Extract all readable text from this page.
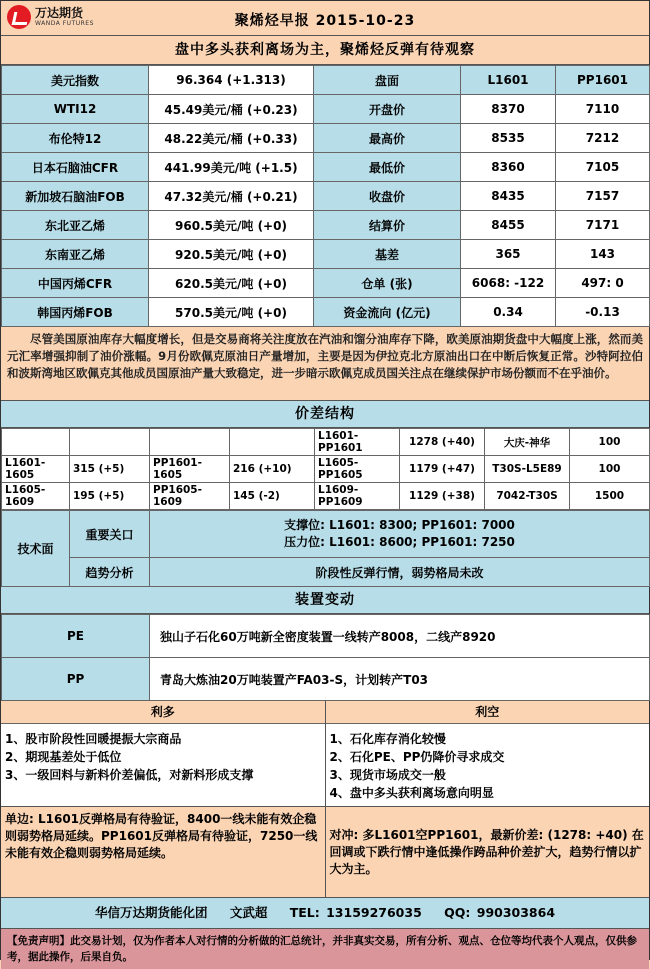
万达期货
WANDA FUTURES	聚烯烃早报 2015-10-23
盘中多头获利离场为主，聚烯烃反弹有待观察
美元指数	96.364 (+1.313)	盘面	L1601	PP1601
WTI12	45.49美元/桶 (+0.23)	开盘价	8370	7110
布伦特12	48.22美元/桶 (+0.33)	最高价	8535	7212
日本石脑油CFR	441.99美元/吨 (+1.5)	最低价	8360	7105
新加坡石脑油FOB	47.32美元/桶 (+0.21)	收盘价	8435	7157
东北亚乙烯	960.5美元/吨 (+0)	结算价	8455	7171
东南亚乙烯	920.5美元/吨 (+0)	基差	365	143
中国丙烯CFR	620.5美元/吨 (+0)	仓单 (张)	6068: -122	497: 0
韩国丙烯FOB	570.5美元/吨 (+0)	资金流向 (亿元)	0.34	-0.13
尽管美国原油库存大幅度增长，但是交易商将关注度放在汽油和馏分油库存下降，欧美原油期货盘中大幅度上涨，然而美元汇率增强抑制了油价涨幅。9月份欧佩克原油日产量增加，主要是因为伊拉克北方原油出口在中断后恢复正常。沙特阿拉伯和波斯湾地区欧佩克其他成员国原油产量大致稳定，进一步暗示欧佩克成员国关注点在继续保护市场份额而不在乎油价。
价差结构
				L1601-PP1601	1278 (+40)	大庆-神华	100
L1601-1605	315 (+5)	PP1601-1605	216 (+10)	L1605-PP1605	1179 (+47)	T30S-L5E89	100
L1605-1609	195 (+5)	PP1605-1609	145 (-2)	L1609-PP1609	1129 (+38)	7042-T30S	1500
技术面	重要关口	支撑位: L1601: 8300; PP1601: 7000
压力位: L1601: 8600; PP1601: 7250

	趋势分析	阶段性反弹行情，弱势格局未改
装置变动
PE	独山子石化60万吨新全密度装置一线转产8008，二线产8920
PP	青岛大炼油20万吨装置产FA03-S，计划转产T03
利多
1、股市阶段性回暖提振大宗商品
2、期现基差处于低位
3、一级回料与新料价差偏低，对新料形成支撑
利空
1、石化库存消化较慢
2、石化PE、PP仍降价寻求成交
3、现货市场成交一般
4、盘中多头获利离场意向明显
单边: L1601反弹格局有待验证，8400一线未能有效企稳则弱势格局延续。PP1601反弹格局有待验证，7250一线未能有效企稳则弱势格局延续。
对冲: 多L1601空PP1601，最新价差: (1278: +40) 在回调或下跌行情中逢低操作跨品种价差扩大，趋势行情以扩大为主。
华信万达期货能化团 文武超 TEL: 13159276035 QQ: 990303864
【免责声明】此交易计划，仅为作者本人对行情的分析做的汇总统计，并非真实交易，所有分析、观点、仓位等均代表个人观点，仅供参考，据此操作，后果自负。
